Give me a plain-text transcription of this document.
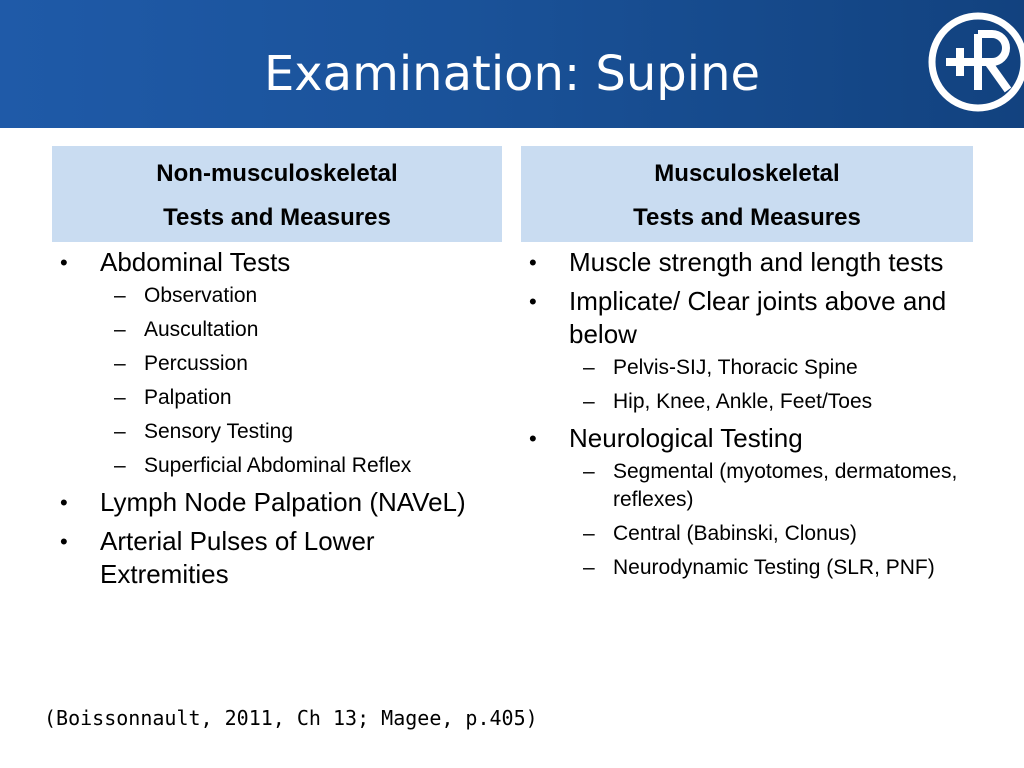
Examination: Supine
Non-musculoskeletal
Tests and Measures
Musculoskeletal
Tests and Measures
• Abdominal Tests
– Observation
– Auscultation
– Percussion
– Palpation
– Sensory Testing
– Superficial Abdominal Reflex
• Lymph Node Palpation (NAVeL)
• Arterial Pulses of Lower Extremities
• Muscle strength and length tests
• Implicate/ Clear joints above and below
– Pelvis-SIJ, Thoracic Spine
– Hip, Knee, Ankle, Feet/Toes
• Neurological Testing
– Segmental (myotomes, dermatomes, reflexes)
– Central (Babinski, Clonus)
– Neurodynamic Testing (SLR, PNF)
(Boissonnault, 2011, Ch 13; Magee, p.405)
